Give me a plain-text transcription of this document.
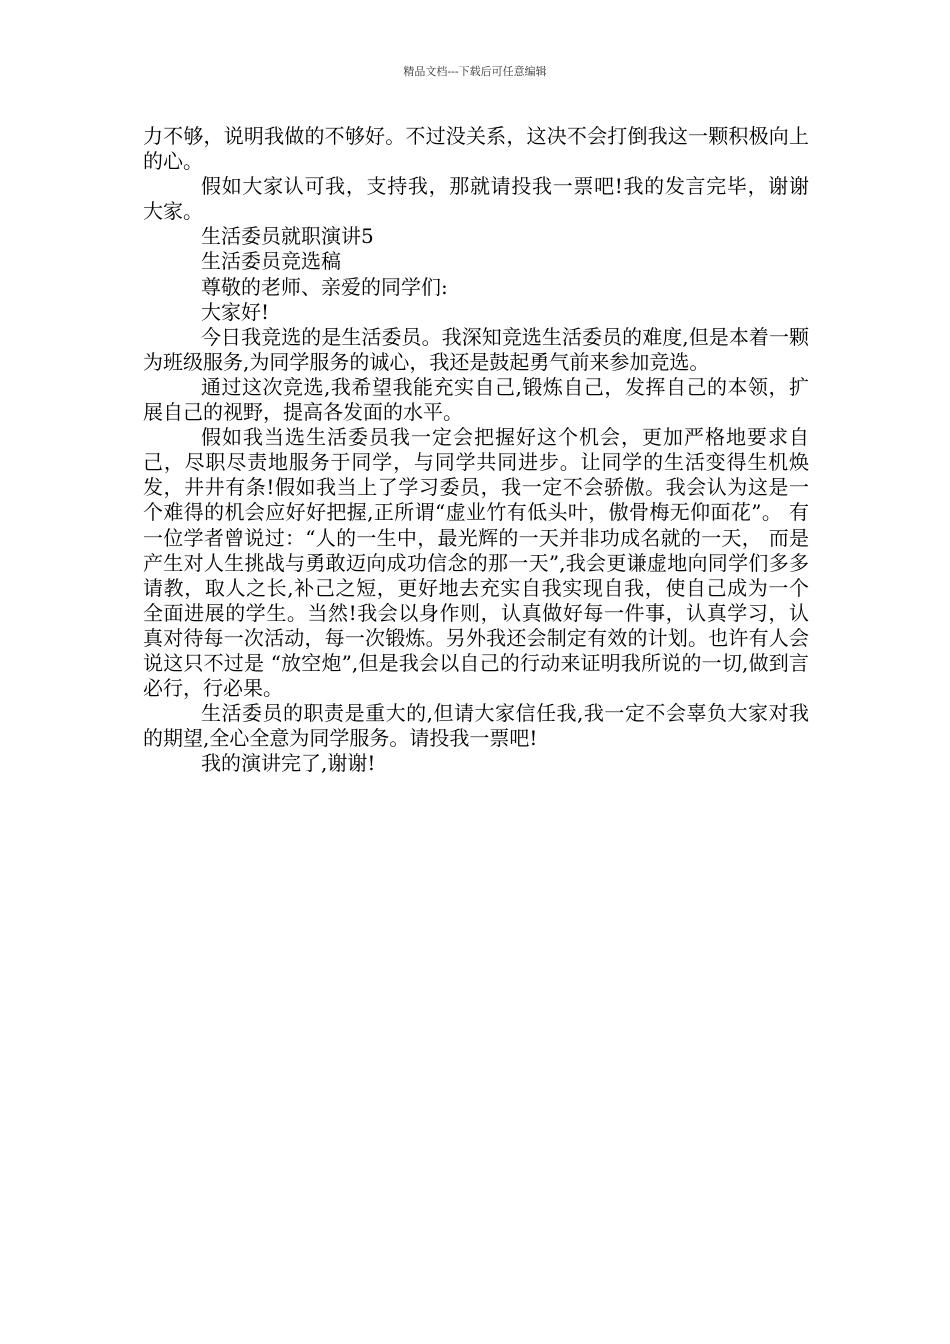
精品文档---下载后可任意编辑

力不够，说明我做的不够好。不过没关系，这决不会打倒我这一颗积极向上的心。

假如大家认可我，支持我，那就请投我一票吧!我的发言完毕，谢谢大家。

生活委员就职演讲5

生活委员竞选稿

尊敬的老师、亲爱的同学们:

大家好!

今日我竞选的是生活委员。我深知竞选生活委员的难度,但是本着一颗为班级服务,为同学服务的诚心，我还是鼓起勇气前来参加竞选。

通过这次竞选,我希望我能充实自己,锻炼自己，发挥自己的本领，扩展自己的视野，提高各发面的水平。

假如我当选生活委员我一定会把握好这个机会，更加严格地要求自己，尽职尽责地服务于同学，与同学共同进步。让同学的生活变得生机焕发，井井有条!假如我当上了学习委员，我一定不会骄傲。我会认为这是一个难得的机会应好好把握,正所谓“虚业竹有低头叶，傲骨梅无仰面花”。 有一位学者曾说过：“人的一生中，最光辉的一天并非功成名就的一天， 而是产生对人生挑战与勇敢迈向成功信念的那一天”,我会更谦虚地向同学们多多请教，取人之长,补己之短，更好地去充实自我实现自我，使自己成为一个全面进展的学生。当然!我会以身作则，认真做好每一件事，认真学习，认真对待每一次活动，每一次锻炼。另外我还会制定有效的计划。也许有人会说这只不过是 “放空炮”,但是我会以自己的行动来证明我所说的一切,做到言必行，行必果。

生活委员的职责是重大的,但请大家信任我,我一定不会辜负大家对我的期望,全心全意为同学服务。请投我一票吧!

我的演讲完了,谢谢!
